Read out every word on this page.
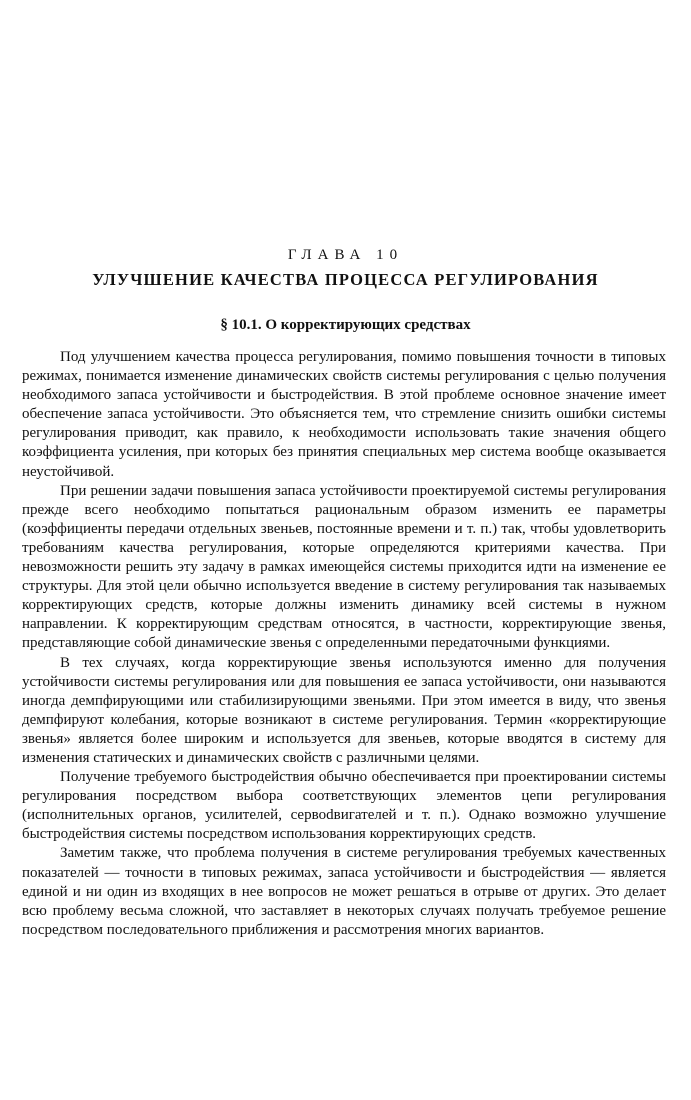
ГЛАВА 10
УЛУЧШЕНИЕ КАЧЕСТВА ПРОЦЕССА РЕГУЛИРОВАНИЯ
§ 10.1. О корректирующих средствах

Под улучшением качества процесса регулирования, помимо повышения точности в типовых режимах, понимается изменение динамических свойств системы регулирования с целью получения необходимого запаса устойчивости и быстродействия. В этой проблеме основное значение имеет обеспечение запаса устойчивости. Это объясняется тем, что стремление снизить ошибки системы регулирования приводит, как правило, к необходимости использовать такие значения общего коэффициента усиления, при которых без принятия специальных мер система вообще оказывается неустойчивой.

При решении задачи повышения запаса устойчивости проектируемой системы регулирования прежде всего необходимо попытаться рациональным образом изменить ее параметры (коэффициенты передачи отдельных звеньев, постоянные времени и т. п.) так, чтобы удовлетворить требованиям качества регулирования, которые определяются критериями качества. При невозможности решить эту задачу в рамках имеющейся системы приходится идти на изменение ее структуры. Для этой цели обычно используется введение в систему регулирования так называемых корректирующих средств, которые должны изменить динамику всей системы в нужном направлении. К корректирующим средствам относятся, в частности, корректирующие звенья, представляющие собой динамические звенья с определенными передаточными функциями.

В тех случаях, когда корректирующие звенья используются именно для получения устойчивости системы регулирования или для повышения ее запаса устойчивости, они называются иногда демпфирующими или стабилизирующими звеньями. При этом имеется в виду, что звенья демпфируют колебания, которые возникают в системе регулирования. Термин «корректирующие звенья» является более широким и используется для звеньев, которые вводятся в систему для изменения статических и динамических свойств с различными целями.

Получение требуемого быстродействия обычно обеспечивается при проектировании системы регулирования посредством выбора соответствующих элементов цепи регулирования (исполнительных органов, усилителей, сервodвигателей и т. п.). Однако возможно улучшение быстродействия системы посредством использования корректирующих средств.

Заметим также, что проблема получения в системе регулирования требуемых качественных показателей — точности в типовых режимах, запаса устойчивости и быстродействия — является единой и ни один из входящих в нее вопросов не может решаться в отрыве от других. Это делает всю проблему весьма сложной, что заставляет в некоторых случаях получать требуемое решение посредством последовательного приближения и рассмотрения многих вариантов.
